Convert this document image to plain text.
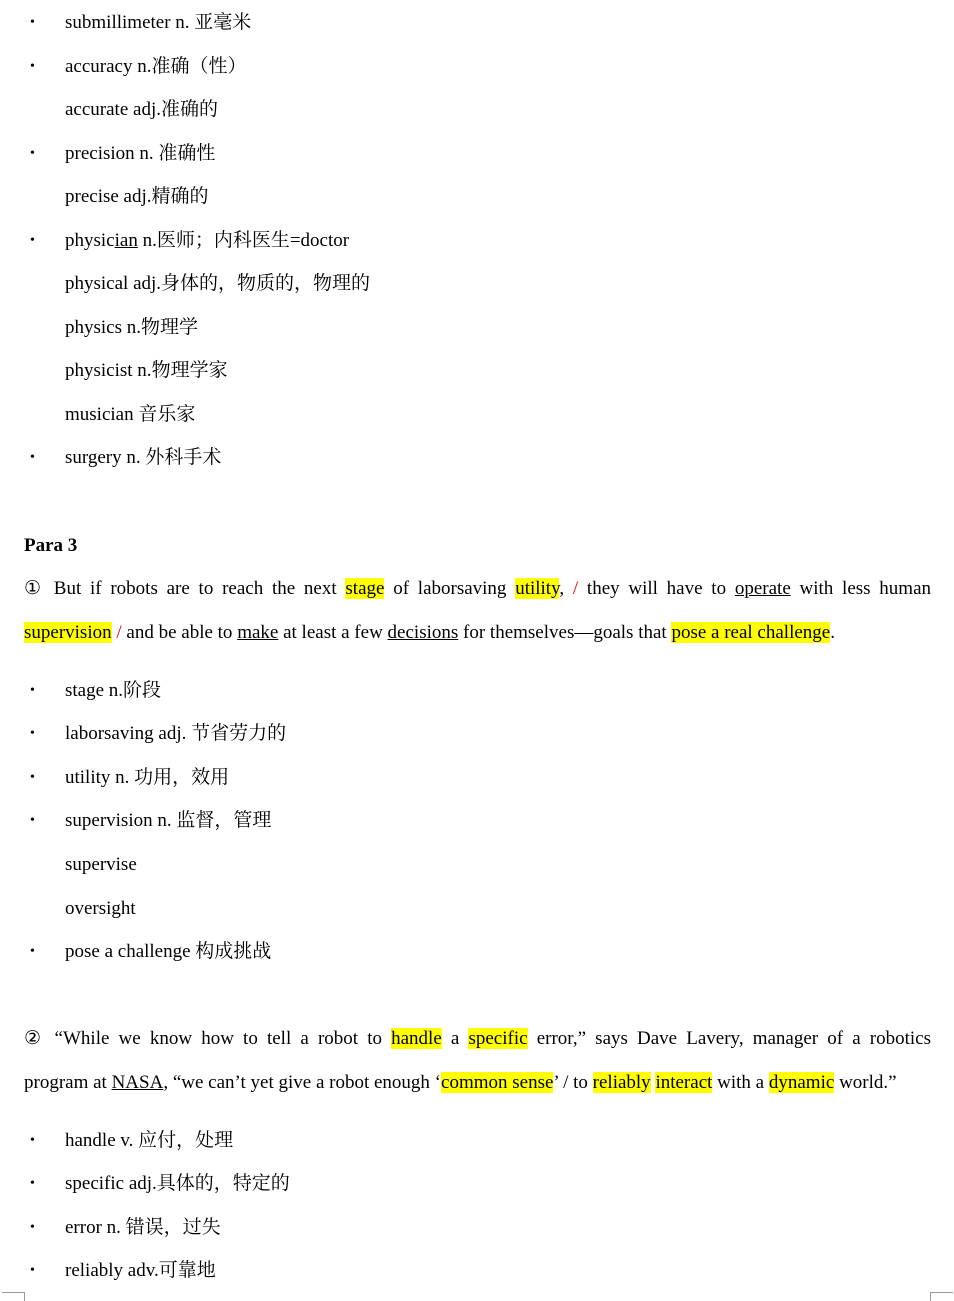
• submillimeter n. 亚毫米
• accuracy n.准确（性）
accurate adj.准确的
• precision n. 准确性
precise adj.精确的
• physician n.医师；内科医生=doctor
physical adj.身体的，物质的，物理的
physics n.物理学
physicist n.物理学家
musician 音乐家
• surgery n. 外科手术
Para 3
① But if robots are to reach the next stage of laborsaving utility, / they will have to operate with less human
supervision / and be able to make at least a few decisions for themselves—goals that pose a real challenge.
• stage n.阶段
• laborsaving adj. 节省劳力的
• utility n. 功用，效用
• supervision n. 监督，管理
supervise
oversight
• pose a challenge 构成挑战
② “While we know how to tell a robot to handle a specific error,” says Dave Lavery, manager of a robotics
program at NASA, “we can’t yet give a robot enough ‘common sense’ / to reliably interact with a dynamic world.”
• handle v. 应付，处理
• specific adj.具体的，特定的
• error n. 错误，过失
• reliably adv.可靠地
